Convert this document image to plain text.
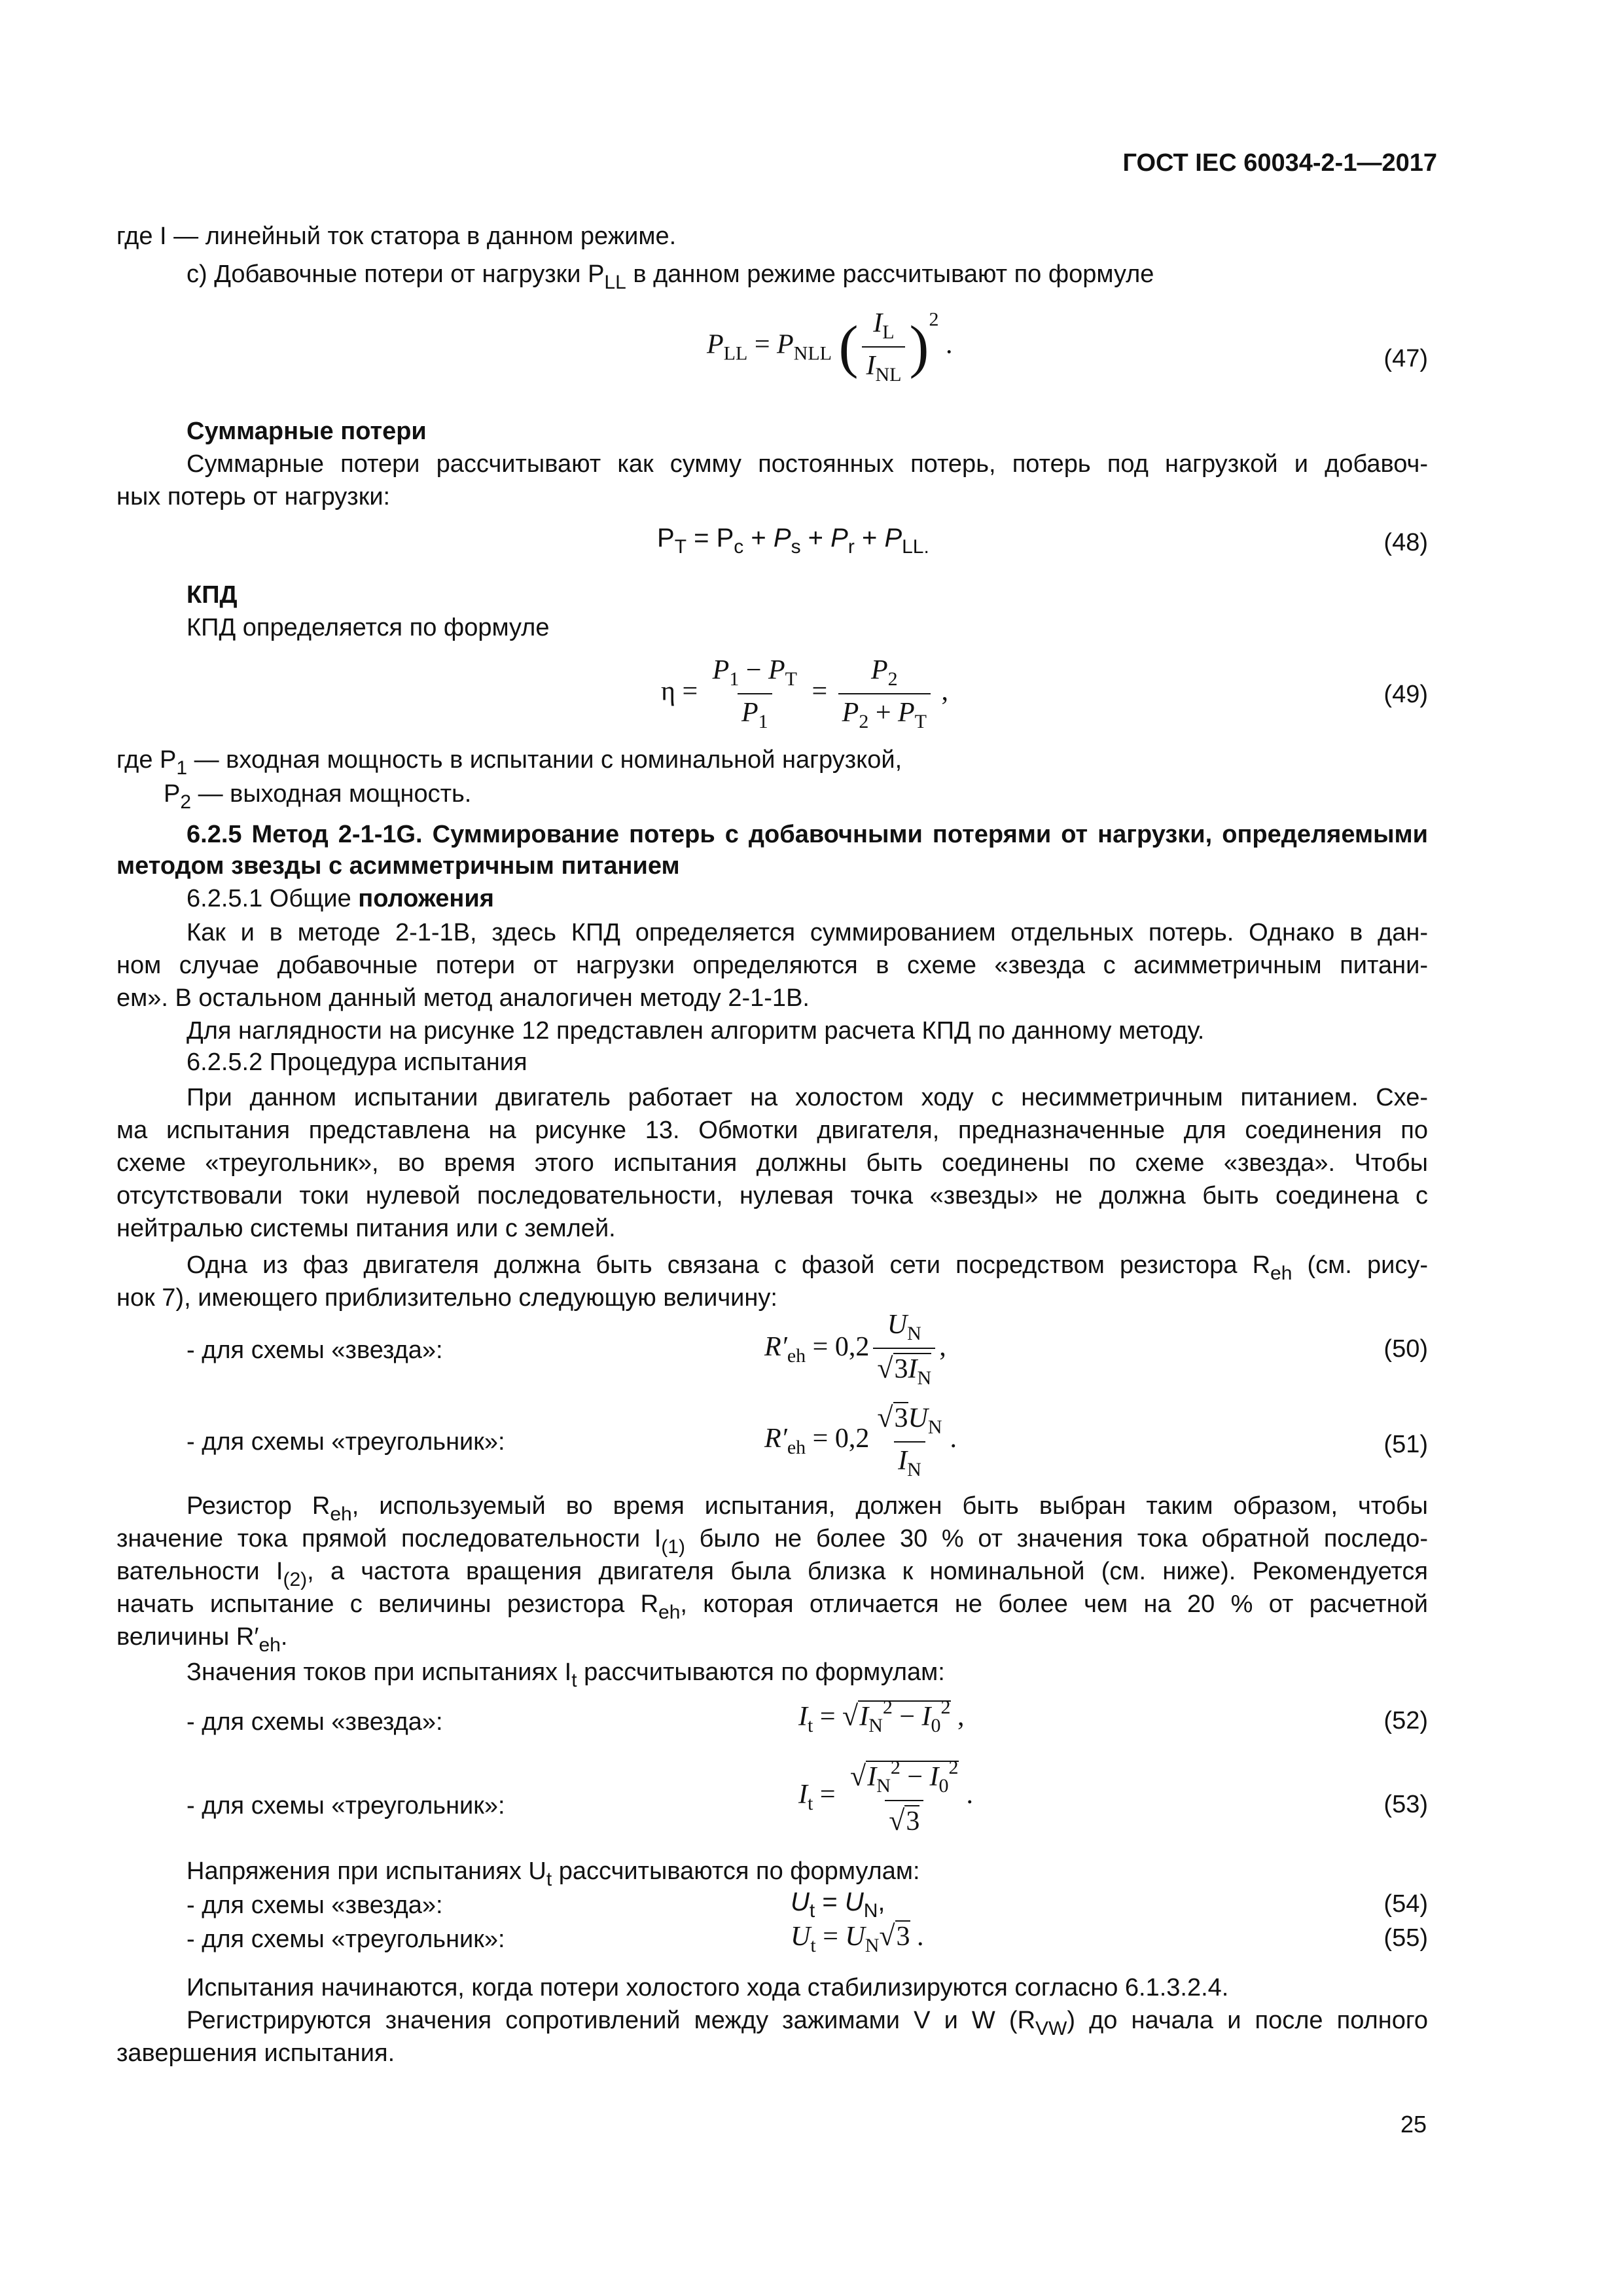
ГОСТ IEC 60034-2-1—2017
где I — линейный ток статора в данном режиме.
c) Добавочные потери от нагрузки $P_{LL}$ в данном режиме рассчитывают по формуле
$P_{LL} = P_{NLL}$ ( $\frac{I_L}{I_{NL}} )^2$ .	(47)
Суммарные потери
Суммарные потери рассчитывают как сумму постоянных потерь, потерь под нагрузкой и добавоч-
ных потерь от нагрузки:
$P_T = P_c + P_s + P_r + P_{LL.}$	(48)
КПД
КПД определяется по формуле
$\eta = \frac{P_1 - P_T}{P_1} = \frac{P_2}{P_2 + P_T}$ ,	(49)
где $P_1$ — входная мощность в испытании с номинальной нагрузкой,
$P_2$ — выходная мощность.
6.2.5 Метод 2-1-1G. Суммирование потерь с добавочными потерями от нагрузки, определяемыми
методом звезды с асимметричным питанием
6.2.5.1 Общие положения
Как и в методе 2-1-1B, здесь КПД определяется суммированием отдельных потерь. Однако в дан-
ном случае добавочные потери от нагрузки определяются в схеме «звезда с асимметричным питани-
ем». В остальном данный метод аналогичен методу 2-1-1B.
Для наглядности на рисунке 12 представлен алгоритм расчета КПД по данному методу.
6.2.5.2 Процедура испытания
При данном испытании двигатель работает на холостом ходу с несимметричным питанием. Схе-
ма испытания представлена на рисунке 13. Обмотки двигателя, предназначенные для соединения по
схеме «треугольник», во время этого испытания должны быть соединены по схеме «звезда». Чтобы
отсутствовали токи нулевой последовательности, нулевая точка «звезды» не должна быть соединена с
нейтралью системы питания или с землей.
Одна из фаз двигателя должна быть связана с фазой сети посредством резистора $R_{eh}$ (см. рису-
нок 7), имеющего приблизительно следующую величину:
- для схемы «звезда»:	$R'_{eh} = 0,2 \frac{U_N}{√3I_N}$ ,	(50)
- для схемы «треугольник»:	$R'_{eh} = 0,2 \frac{√3U_N}{I_N}$ .	(51)
Резистор $R_{eh}$, используемый во время испытания, должен быть выбран таким образом, чтобы
значение тока прямой последовательности $I_{(1)}$ было не более 30 % от значения тока обратной последо-
вательности $I_{(2)}$, а частота вращения двигателя была близка к номинальной (см. ниже). Рекомендуется
начать испытание с величины резистора $R_{eh}$, которая отличается не более чем на 20 % от расчетной
величины $R'_{eh}$.
Значения токов при испытаниях $I_t$ рассчитываются по формулам:
- для схемы «звезда»:	$I_t = √I_N^2 - I_0^2$ ,	(52)
- для схемы «треугольник»:	$I_t = \frac{√I_N^2 - I_0^2}{√3}$ .	(53)
Напряжения при испытаниях $U_t$ рассчитываются по формулам:
- для схемы «звезда»:	$U_t = U_N$,	(54)
- для схемы «треугольник»:	$U_t = U_N√3$ .	(55)
Испытания начинаются, когда потери холостого хода стабилизируются согласно 6.1.3.2.4.
Регистрируются значения сопротивлений между зажимами V и W $(R_{VW})$ до начала и после полного
завершения испытания.
25
